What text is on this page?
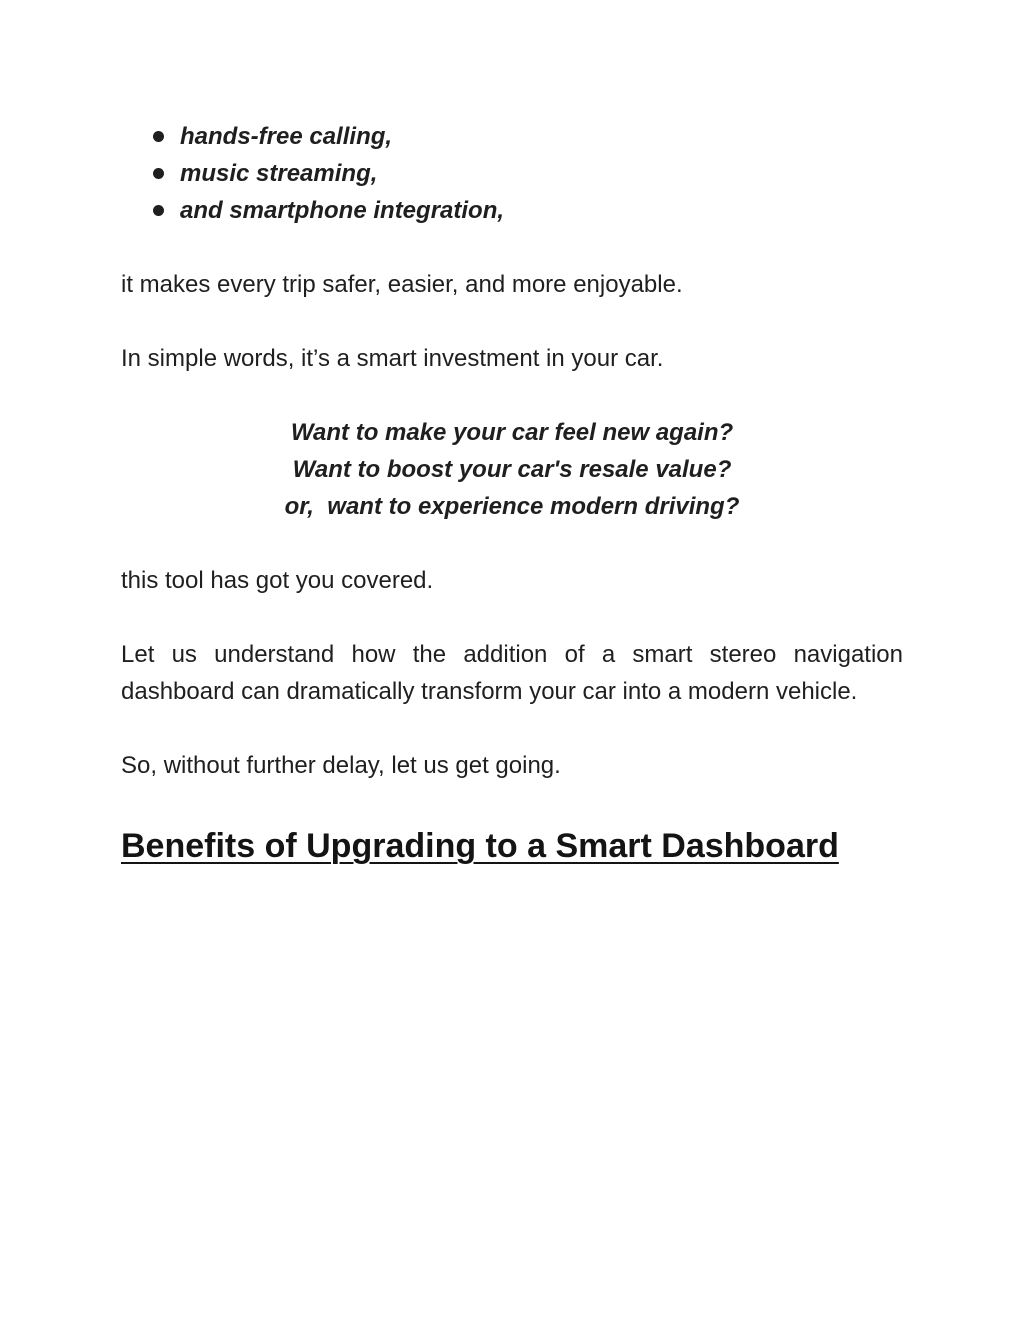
hands-free calling,
music streaming,
and smartphone integration,

it makes every trip safer, easier, and more enjoyable.

In simple words, it’s a smart investment in your car.

Want to make your car feel new again?

Want to boost your car's resale value?

or,  want to experience modern driving?

this tool has got you covered.

Let us understand how the addition of a smart stereo navigation dashboard can dramatically transform your car into a modern vehicle.

So, without further delay, let us get going.

Benefits of Upgrading to a Smart Dashboard
